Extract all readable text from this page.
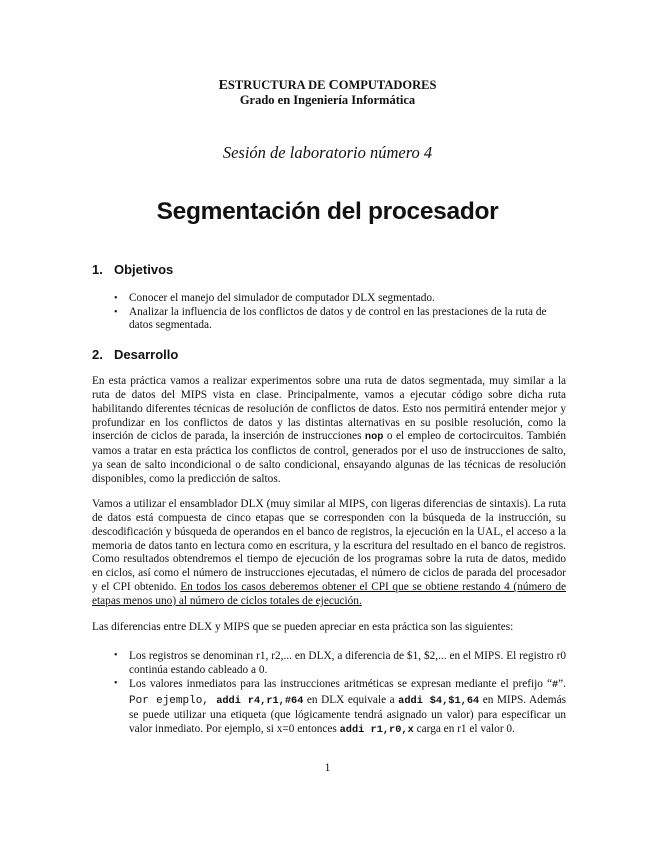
ESTRUCTURA DE COMPUTADORES
Grado en Ingeniería Informática
Sesión de laboratorio número 4
Segmentación del procesador
1. Objetivos
• Conocer el manejo del simulador de computador DLX segmentado.
• Analizar la influencia de los conflictos de datos y de control en las prestaciones de la ruta de datos segmentada.
2. Desarrollo

En esta práctica vamos a realizar experimentos sobre una ruta de datos segmentada, muy similar a la ruta de datos del MIPS vista en clase. Principalmente, vamos a ejecutar código sobre dicha ruta habilitando diferentes técnicas de resolución de conflictos de datos. Esto nos permitirá entender mejor y profundizar en los conflictos de datos y las distintas alternativas en su posible resolución, como la inserción de ciclos de parada, la inserción de instrucciones nop o el empleo de cortocircuitos. También vamos a tratar en esta práctica los conflictos de control, generados por el uso de instrucciones de salto, ya sean de salto incondicional o de salto condicional, ensayando algunas de las técnicas de resolución disponibles, como la predicción de saltos.

Vamos a utilizar el ensamblador DLX (muy similar al MIPS, con ligeras diferencias de sintaxis). La ruta de datos está compuesta de cinco etapas que se corresponden con la búsqueda de la instrucción, su descodificación y búsqueda de operandos en el banco de registros, la ejecución en la UAL, el acceso a la memoria de datos tanto en lectura como en escritura, y la escritura del resultado en el banco de registros. Como resultados obtendremos el tiempo de ejecución de los programas sobre la ruta de datos, medido en ciclos, así como el número de instrucciones ejecutadas, el número de ciclos de parada del procesador y el CPI obtenido. En todos los casos deberemos obtener el CPI que se obtiene restando 4 (número de etapas menos uno) al número de ciclos totales de ejecución.

Las diferencias entre DLX y MIPS que se pueden apreciar en esta práctica son las siguientes:

• Los registros se denominan r1, r2,... en DLX, a diferencia de $1, $2,... en el MIPS. El registro r0 continúa estando cableado a 0.
• Los valores inmediatos para las instrucciones aritméticas se expresan mediante el prefijo “#”. Por ejemplo, addi r4,r1,#64 en DLX equivale a addi $4,$1,64 en MIPS. Además se puede utilizar una etiqueta (que lógicamente tendrá asignado un valor) para especificar un valor inmediato. Por ejemplo, si x=0 entonces addi r1,r0,x carga en r1 el valor 0.
1
